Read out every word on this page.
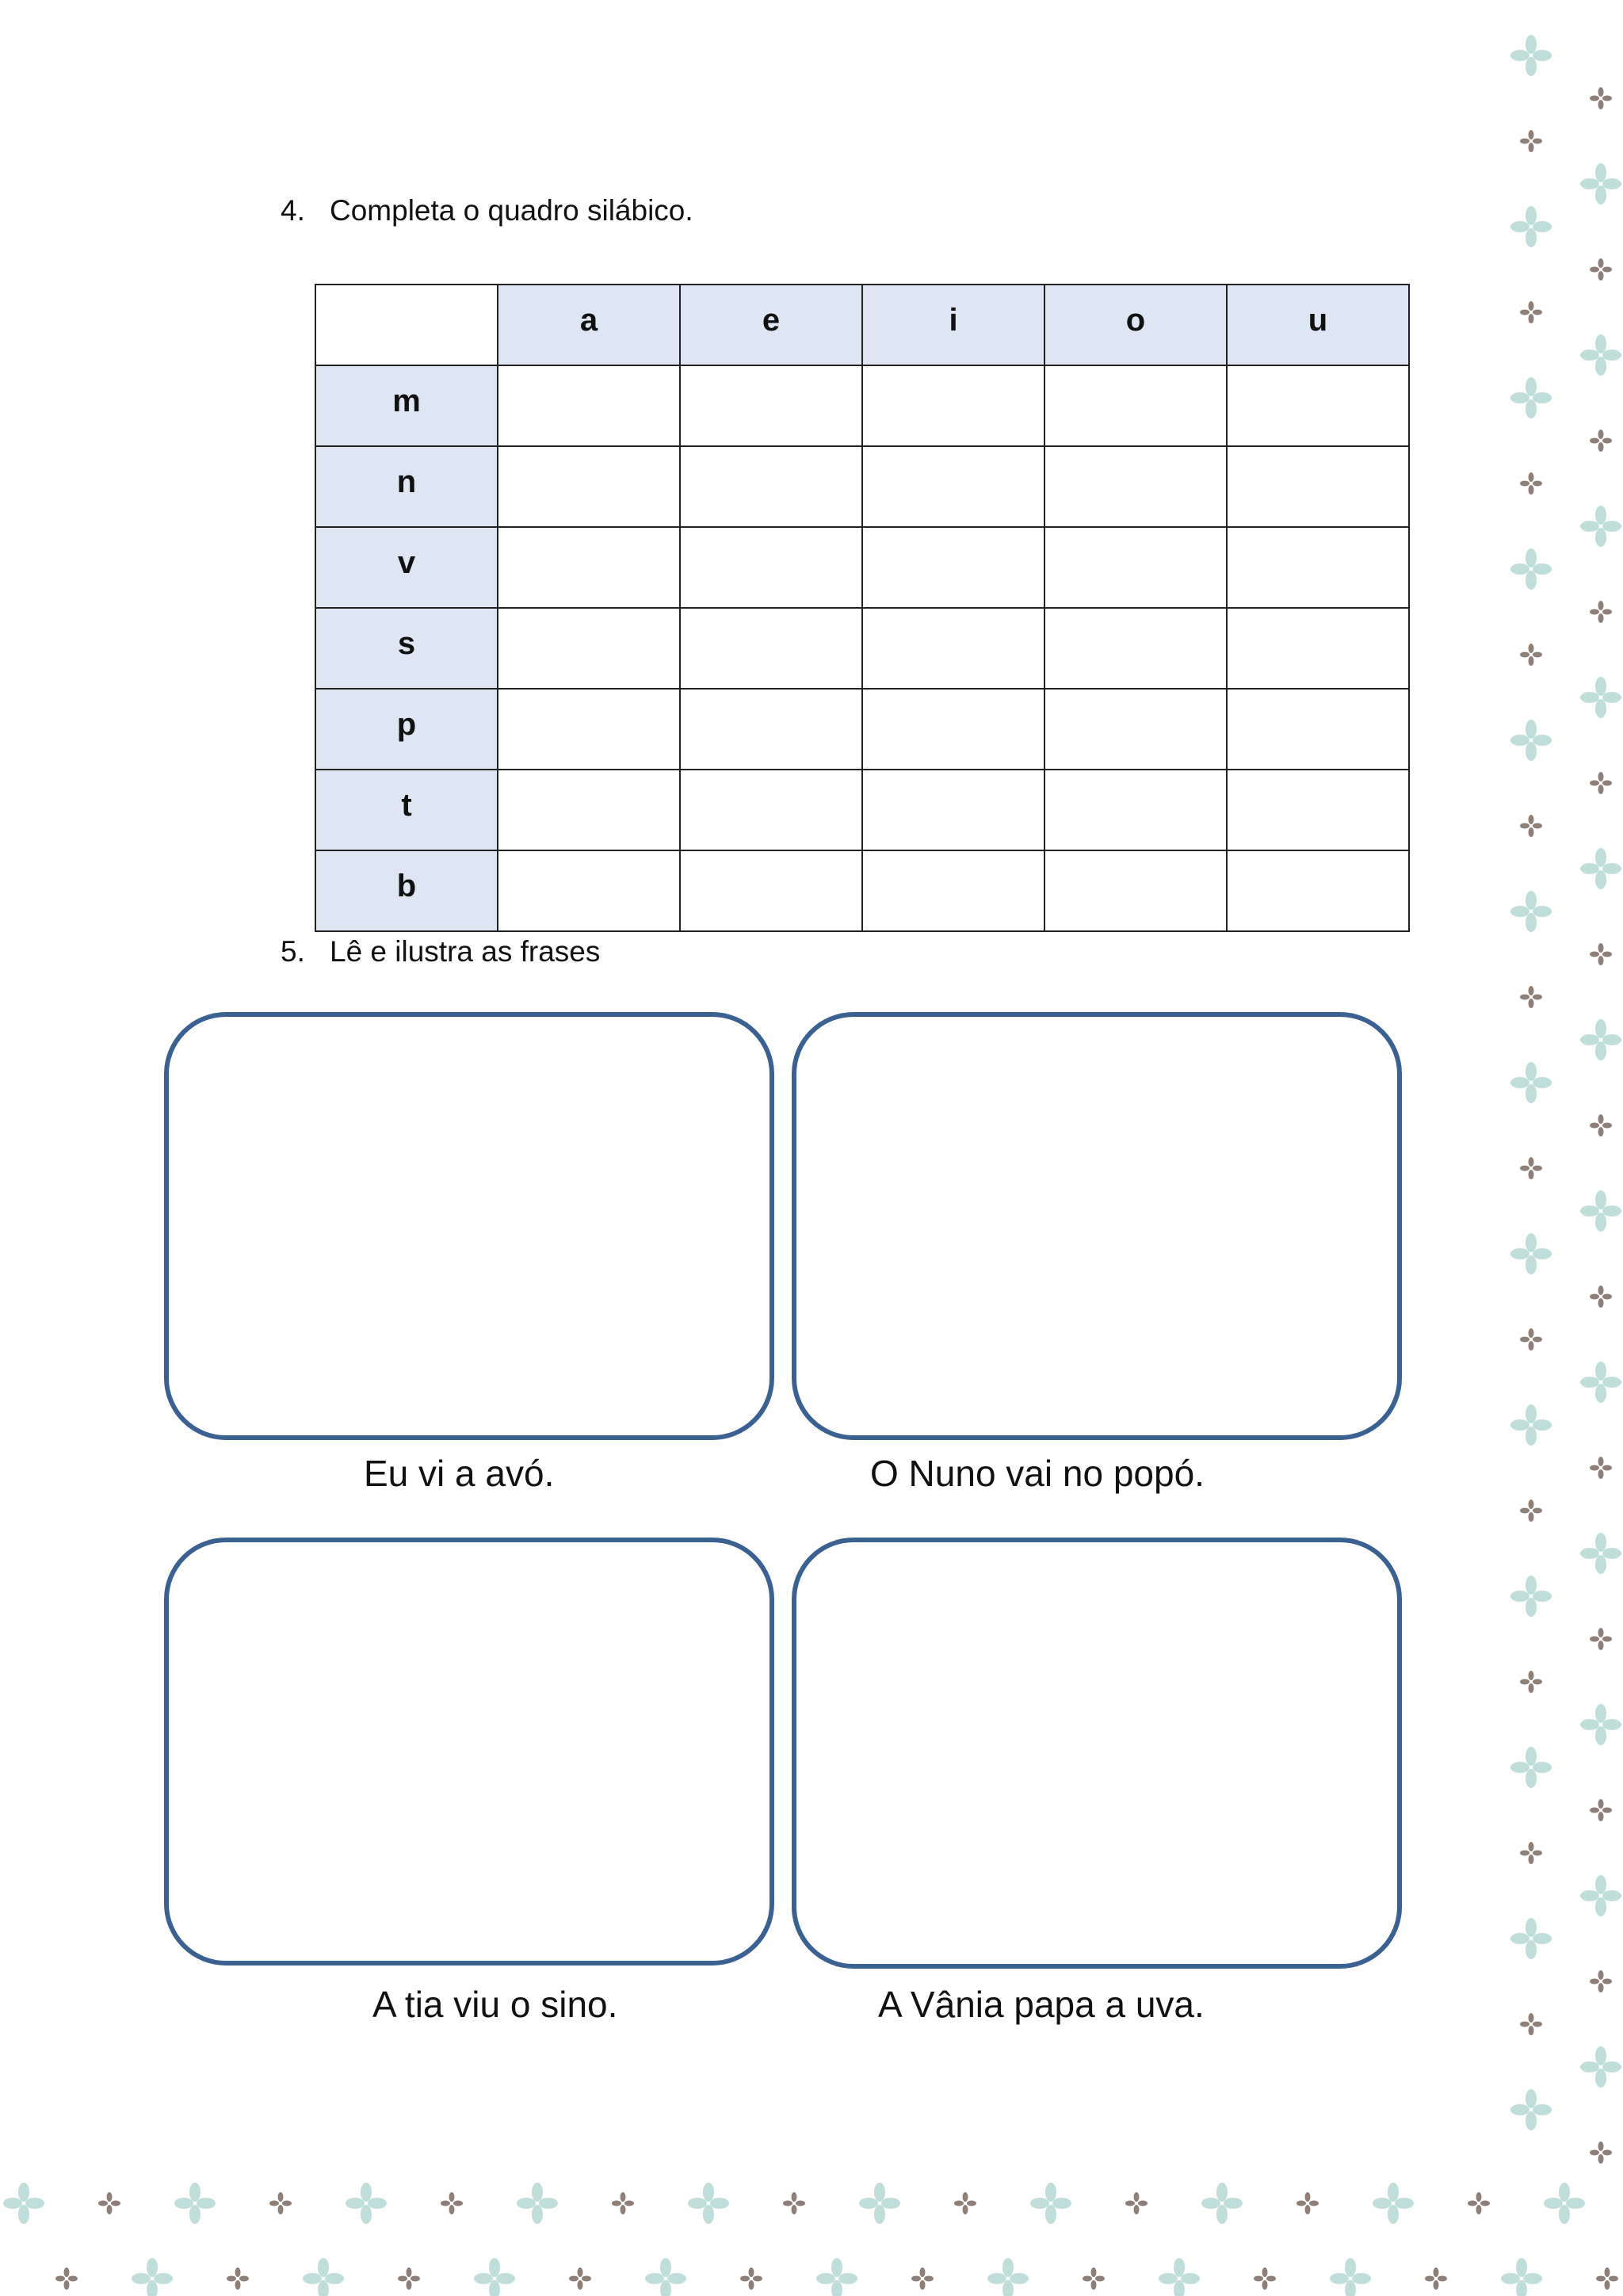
4. Completa o quadro silábico.
	a	e	i	o	u
m					
n					
v					
s					
p					
t					
b					
5. Lê e ilustra as frases
Eu vi a avó.	O Nuno vai no popó.
A tia viu o sino.	A Vânia papa a uva.
